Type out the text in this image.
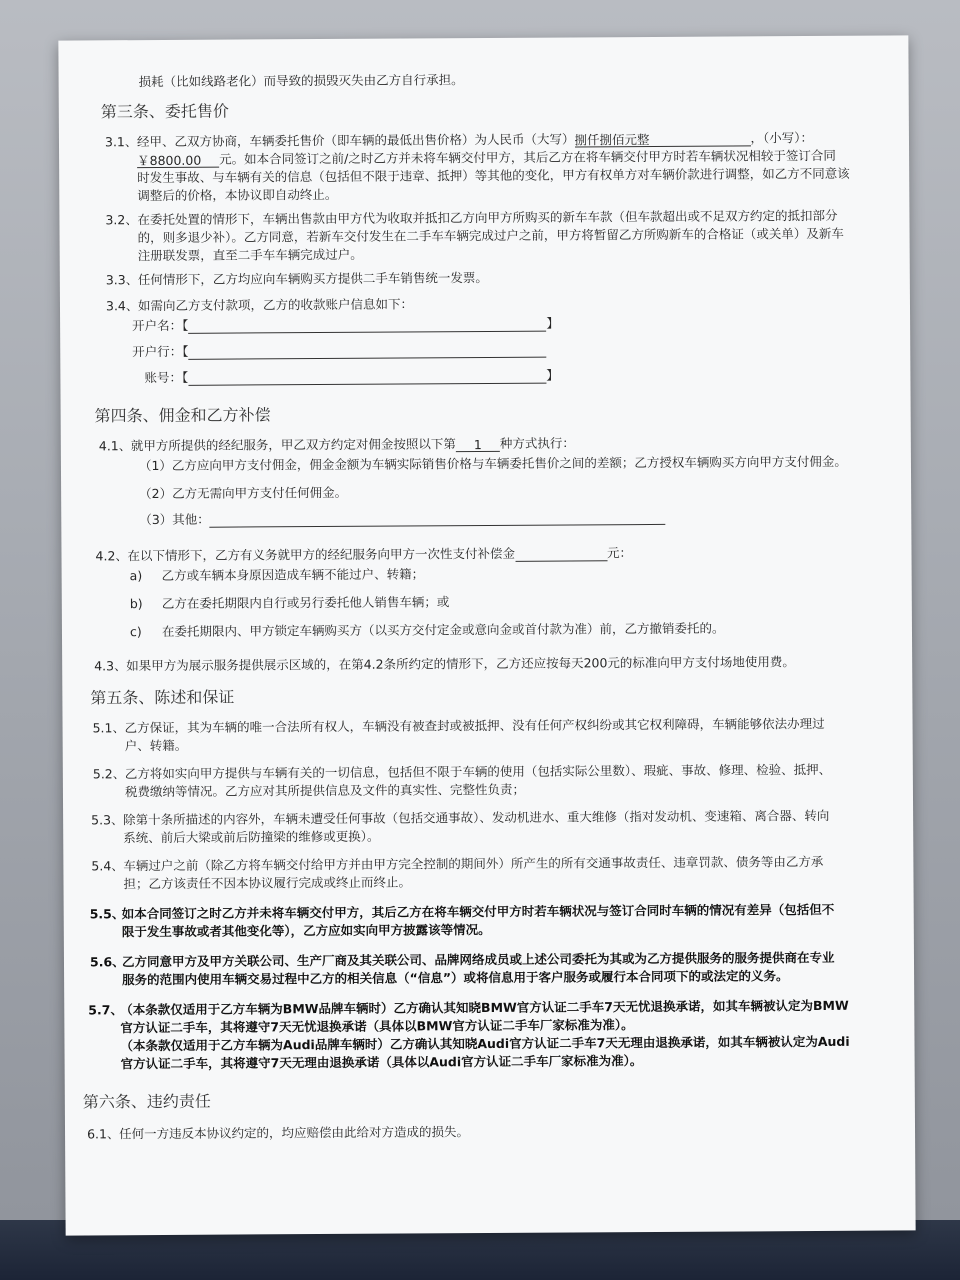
损耗（比如线路老化）而导致的损毁灭失由乙方自行承担。
第三条、委托售价
3.1、 经甲、乙双方协商，车辆委托售价（即车辆的最低出售价格）为人民币（大写）捌仟捌佰元整	，（小写）：
￥8800.00 元。如本合同签订之前/之时乙方并未将车辆交付甲方，其后乙方在将车辆交付甲方时若车辆状况相较于签订合同
时发生事故、与车辆有关的信息（包括但不限于违章、抵押）等其他的变化，甲方有权单方对车辆价款进行调整，如乙方不同意该
调整后的价格，本协议即自动终止。
3.2、 在委托处置的情形下，车辆出售款由甲方代为收取并抵扣乙方向甲方所购买的新车车款（但车款超出或不足双方约定的抵扣部分
的，则多退少补）。乙方同意，若新车交付发生在二手车车辆完成过户之前，甲方将暂留乙方所购新车的合格证（或关单）及新车
注册联发票，直至二手车车辆完成过户。
3.3、 任何情形下，乙方均应向车辆购买方提供二手车销售统一发票。
3.4、 如需向乙方支付款项，乙方的收款账户信息如下：
开户名：【	】
开户行：【
账号：【	】
第四条、佣金和乙方补偿
4.1、 就甲方所提供的经纪服务，甲乙双方约定对佣金按照以下第 1 种方式执行：
（1）乙方应向甲方支付佣金，佣金金额为车辆实际销售价格与车辆委托售价之间的差额；乙方授权车辆购买方向甲方支付佣金。
（2）乙方无需向甲方支付任何佣金。
（3）其他：
4.2、 在以下情形下，乙方有义务就甲方的经纪服务向甲方一次性支付补偿金	元：
a) 乙方或车辆本身原因造成车辆不能过户、转籍；
b) 乙方在委托期限内自行或另行委托他人销售车辆；或
c) 在委托期限内、甲方锁定车辆购买方（以买方交付定金或意向金或首付款为准）前，乙方撤销委托的。
4.3、 如果甲方为展示服务提供展示区域的，在第4.2条所约定的情形下，乙方还应按每天200元的标准向甲方支付场地使用费。
第五条、陈述和保证
5.1、 乙方保证，其为车辆的唯一合法所有权人，车辆没有被查封或被抵押、没有任何产权纠纷或其它权利障碍，车辆能够依法办理过
户、转籍。
5.2、 乙方将如实向甲方提供与车辆有关的一切信息，包括但不限于车辆的使用（包括实际公里数）、瑕疵、事故、修理、检验、抵押、
税费缴纳等情况。乙方应对其所提供信息及文件的真实性、完整性负责；
5.3、 除第十条所描述的内容外，车辆未遭受任何事故（包括交通事故）、发动机进水、重大维修（指对发动机、变速箱、离合器、转向
系统、前后大梁或前后防撞梁的维修或更换）。
5.4、 车辆过户之前（除乙方将车辆交付给甲方并由甲方完全控制的期间外）所产生的所有交通事故责任、违章罚款、债务等由乙方承
担；乙方该责任不因本协议履行完成或终止而终止。
5.5、
如本合同签订之时乙方并未将车辆交付甲方，其后乙方在将车辆交付甲方时若车辆状况与签订合同时车辆的情况有差异（包括但不
限于发生事故或者其他变化等），乙方应如实向甲方披露该等情况。
5.6、
乙方同意甲方及甲方关联公司、生产厂商及其关联公司、品牌网络成员或上述公司委托为其或为乙方提供服务的服务提供商在专业
服务的范围内使用车辆交易过程中乙方的相关信息（“信息”）或将信息用于客户服务或履行本合同项下的或法定的义务。
5.7、
（本条款仅适用于乙方车辆为BMW品牌车辆时）乙方确认其知晓BMW官方认证二手车7天无忧退换承诺，如其车辆被认定为BMW
官方认证二手车，其将遵守7天无忧退换承诺（具体以BMW官方认证二手车厂家标准为准）。
（本条款仅适用于乙方车辆为Audi品牌车辆时）乙方确认其知晓Audi官方认证二手车7天无理由退换承诺，如其车辆被认定为Audi
官方认证二手车，其将遵守7天无理由退换承诺（具体以Audi官方认证二手车厂家标准为准）。
第六条、违约责任
6.1、 任何一方违反本协议约定的，均应赔偿由此给对方造成的损失。
